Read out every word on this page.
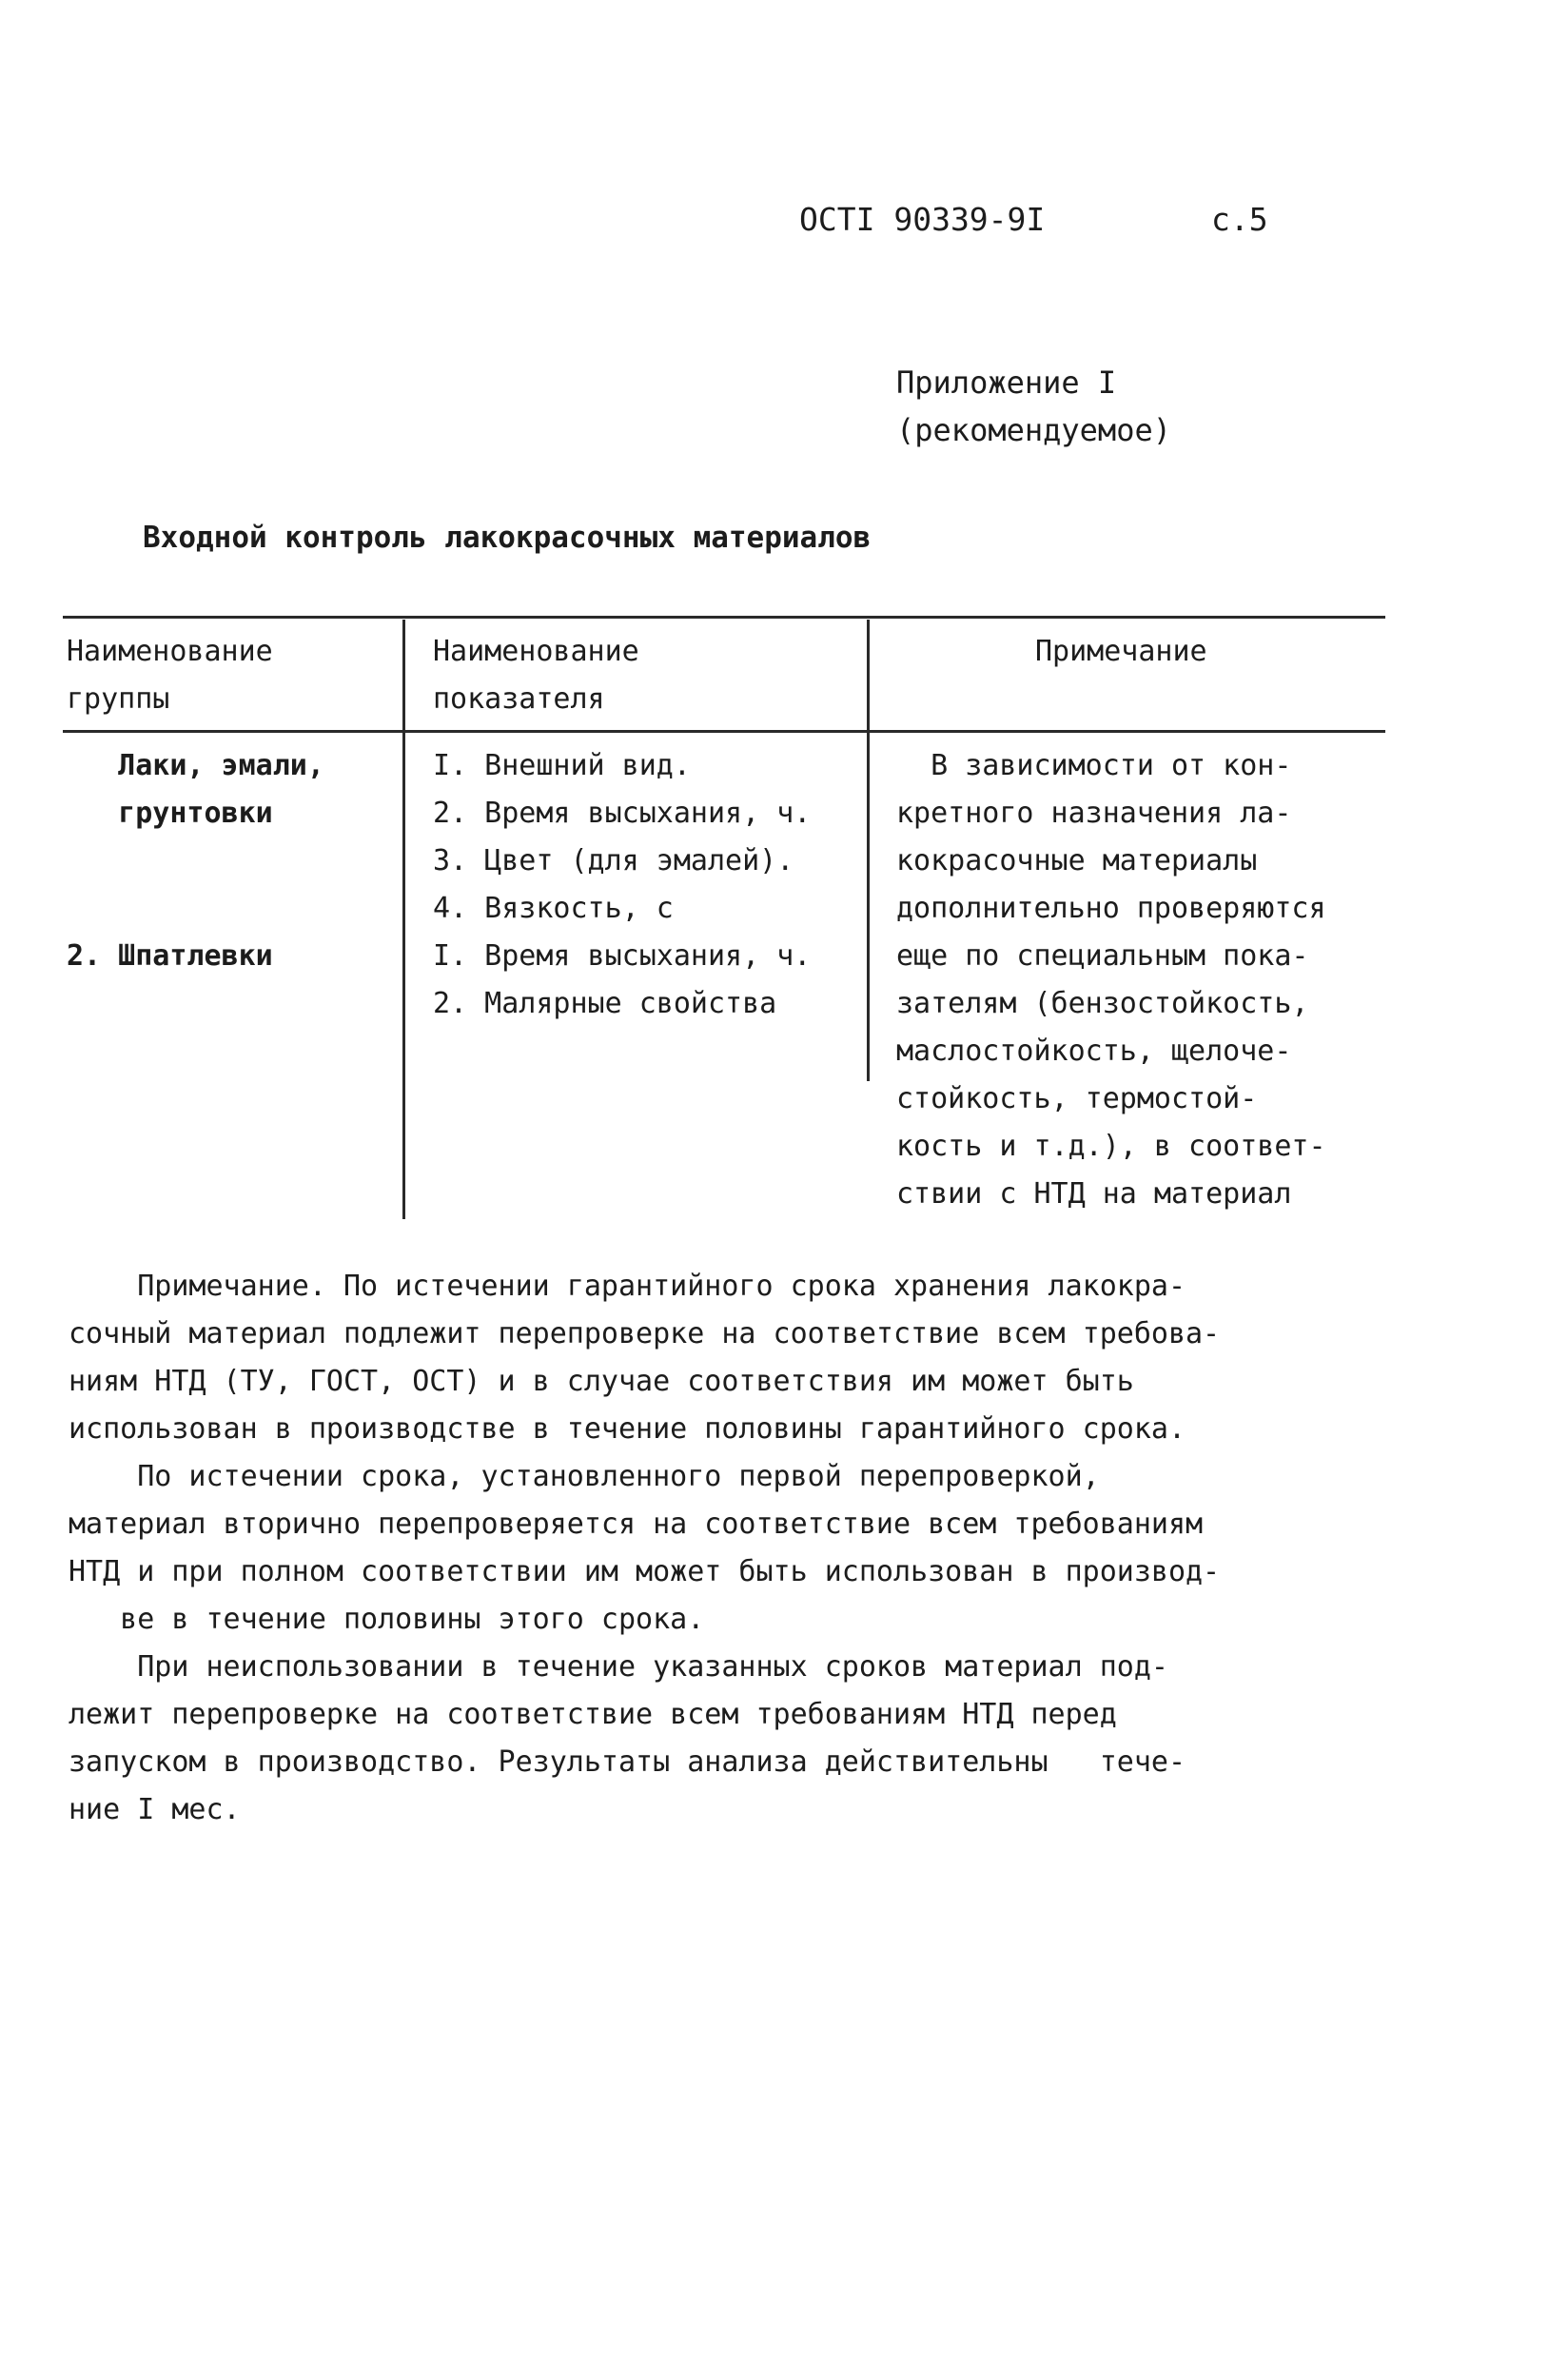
ОСТI 90339-9I	с.5
Приложение I
(рекомендуемое)
Входной контроль лакокрасочных материалов
Наименование
группы
Наименование
показателя
Примечание
Лаки, эмали,
грунтовки
2. Шпатлевки
I. Внешний вид.
2. Время высыхания, ч.
3. Цвет (для эмалей).
4. Вязкость, с
I. Время высыхания, ч.
2. Малярные свойства
В зависимости от кон-
кретного назначения ла-
кокрасочные материалы
дополнительно проверяются
еще по специальным пока-
зателям (бензостойкость,
маслостойкость, щелоче-
стойкость, термостой-
кость и т.д.), в соответ-
ствии с НТД на материал

Примечание. По истечении гарантийного срока хранения лакокра-

сочный материал подлежит перепроверке на соответствие всем требова-

ниям НТД (ТУ, ГОСТ, ОСТ) и в случае соответствия им может быть

использован в производстве в течение половины гарантийного срока.

По истечении срока, установленного первой перепроверкой,

материал вторично перепроверяется на соответствие всем требованиям

НТД и при полном соответствии им может быть использован в производ-

ве в течение половины этого срока.

При неиспользовании в течение указанных сроков материал под-

лежит перепроверке на соответствие всем требованиям НТД перед

запуском в производство. Результаты анализа действительны   тече-

ние I мес.
